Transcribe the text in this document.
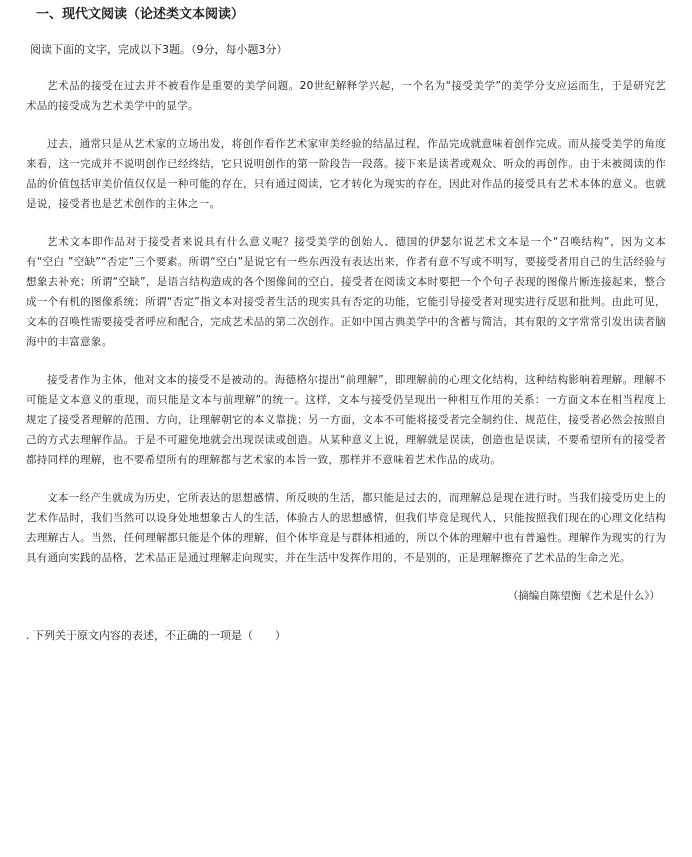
一、现代文阅读（论述类文本阅读）
阅读下面的文字，完成以下3题。（9分，每小题3分）

艺术品的接受在过去并不被看作是重要的美学问题。20世纪解释学兴起，一个名为“接受美学”的美学分支应运而生，于是研究艺术品的接受成为艺术美学中的显学。

过去，通常只是从艺术家的立场出发，将创作看作艺术家审美经验的结晶过程，作品完成就意味着创作完成。而从接受美学的角度来看，这一完成并不说明创作已经终结，它只说明创作的第一阶段告一段落。接下来是读者或观众、听众的再创作。由于未被阅读的作品的价值包括审美价值仅仅是一种可能的存在，只有通过阅读，它才转化为现实的存在，因此对作品的接受具有艺术本体的意义。也就是说，接受者也是艺术创作的主体之一。

艺术文本即作品对于接受者来说具有什么意义呢？接受美学的创始人、德国的伊瑟尔说艺术文本是一个“召唤结构”，因为文本有“空白 ”空缺”“否定”三个要素。所谓“空白”是说它有一些东西没有表达出来，作者有意不写或不明写，要接受者用自己的生活经验与想象去补充；所谓“空缺”，是语言结构造成的各个图像间的空白，接受者在阅读文本时要把一个个句子表现的图像片断连接起来，整合成一个有机的图像系统；所谓“否定”指文本对接受者生活的现实具有否定的功能，它能引导接受者对现实进行反思和批判。由此可见，文本的召唤性需要接受者呼应和配合，完成艺术品的第二次创作。正如中国古典美学中的含蓄与简洁，其有限的文字常常引发出读者脑海中的丰富意象。

接受者作为主体，他对文本的接受不是被动的。海德格尔提出“前理解”，即理解前的心理文化结构，这种结构影响着理解。理解不可能是文本意义的重现，而只能是文本与前理解”的统一。这样，文本与接受仍呈现出一种相互作用的关系：一方面文本在相当程度上规定了接受者理解的范围、方向，让理解朝它的本义靠拢；另一方面，文本不可能将接受者完全制约住、规范住，接受者必然会按照自己的方式去理解作品。于是不可避免地就会出现误读或创造。从某种意义上说，理解就是误读，创造也是误读，不要希望所有的接受者都持同样的理解，也不要希望所有的理解都与艺术家的本旨一致，那样并不意味着艺术作品的成功。

文本一经产生就成为历史，它所表达的思想感情、所反映的生活，都只能是过去的，而理解总是现在进行时。当我们接受历史上的艺术作品时，我们当然可以设身处地想象古人的生活，体验古人的思想感情，但我们毕竟是现代人，只能按照我们现在的心理文化结构去理解古人。当然，任何理解都只能是个体的理解，但个体毕竟是与群体相通的，所以个体的理解中也有普遍性。理解作为现实的行为具有通向实践的品格，艺术品正是通过理解走向现实，并在生活中发挥作用的，不是别的，正是理解擦亮了艺术品的生命之光。

（摘编自陈望衡《艺术是什么》）
. 下列关于原文内容的表述，不正确的一项是（　　）
